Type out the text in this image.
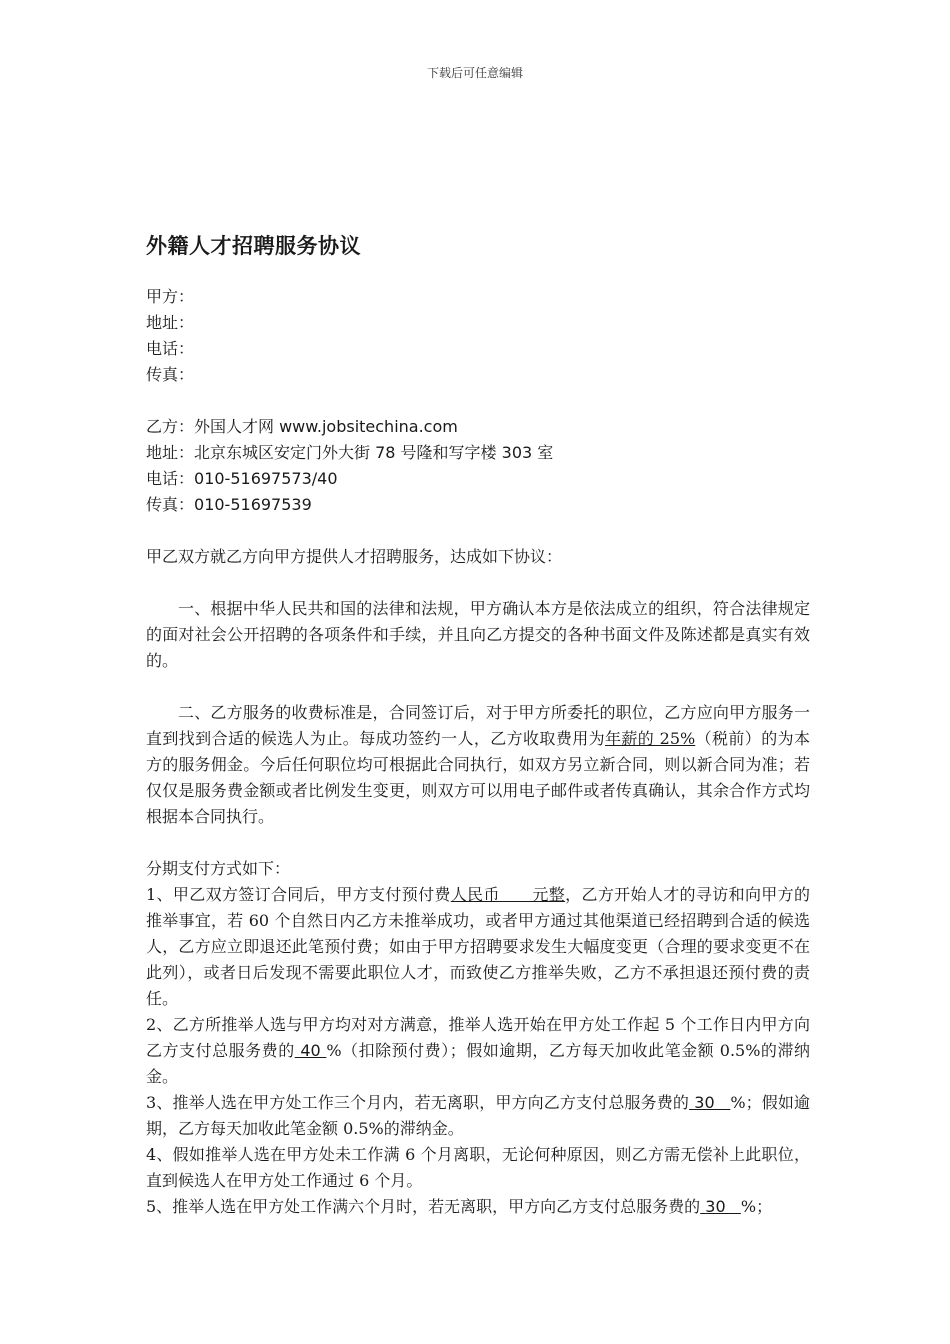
下载后可任意编辑
外籍人才招聘服务协议
甲方：
地址：
电话：
传真：
乙方：外国人才网 www.jobsitechina.com
地址：北京东城区安定门外大街 78 号隆和写字楼 303 室
电话：010-51697573/40
传真：010-51697539
甲乙双方就乙方向甲方提供人才招聘服务，达成如下协议：
一、根据中华人民共和国的法律和法规，甲方确认本方是依法成立的组织，符合法律规定的面对社会公开招聘的各项条件和手续，并且向乙方提交的各种书面文件及陈述都是真实有效的。
二、乙方服务的收费标准是，合同签订后，对于甲方所委托的职位，乙方应向甲方服务一直到找到合适的候选人为止。每成功签约一人，乙方收取费用为年薪的 25%（税前）的为本方的服务佣金。今后任何职位均可根据此合同执行，如双方另立新合同，则以新合同为准；若仅仅是服务费金额或者比例发生变更，则双方可以用电子邮件或者传真确认，其余合作方式均根据本合同执行。
分期支付方式如下：
1、甲乙双方签订合同后，甲方支付预付费人民币      元整，乙方开始人才的寻访和向甲方的推举事宜，若 60 个自然日内乙方未推举成功，或者甲方通过其他渠道已经招聘到合适的候选人，乙方应立即退还此笔预付费；如由于甲方招聘要求发生大幅度变更（合理的要求变更不在此列），或者日后发现不需要此职位人才，而致使乙方推举失败，乙方不承担退还预付费的责任。
2、乙方所推举人选与甲方均对对方满意，推举人选开始在甲方处工作起 5 个工作日内甲方向乙方支付总服务费的 40 %（扣除预付费）；假如逾期，乙方每天加收此笔金额 0.5%的滞纳金。
3、推举人选在甲方处工作三个月内，若无离职，甲方向乙方支付总服务费的 30   %；假如逾期，乙方每天加收此笔金额 0.5%的滞纳金。
4、假如推举人选在甲方处未工作满 6 个月离职，无论何种原因，则乙方需无偿补上此职位，直到候选人在甲方处工作通过 6 个月。
5、推举人选在甲方处工作满六个月时，若无离职，甲方向乙方支付总服务费的 30   %；
